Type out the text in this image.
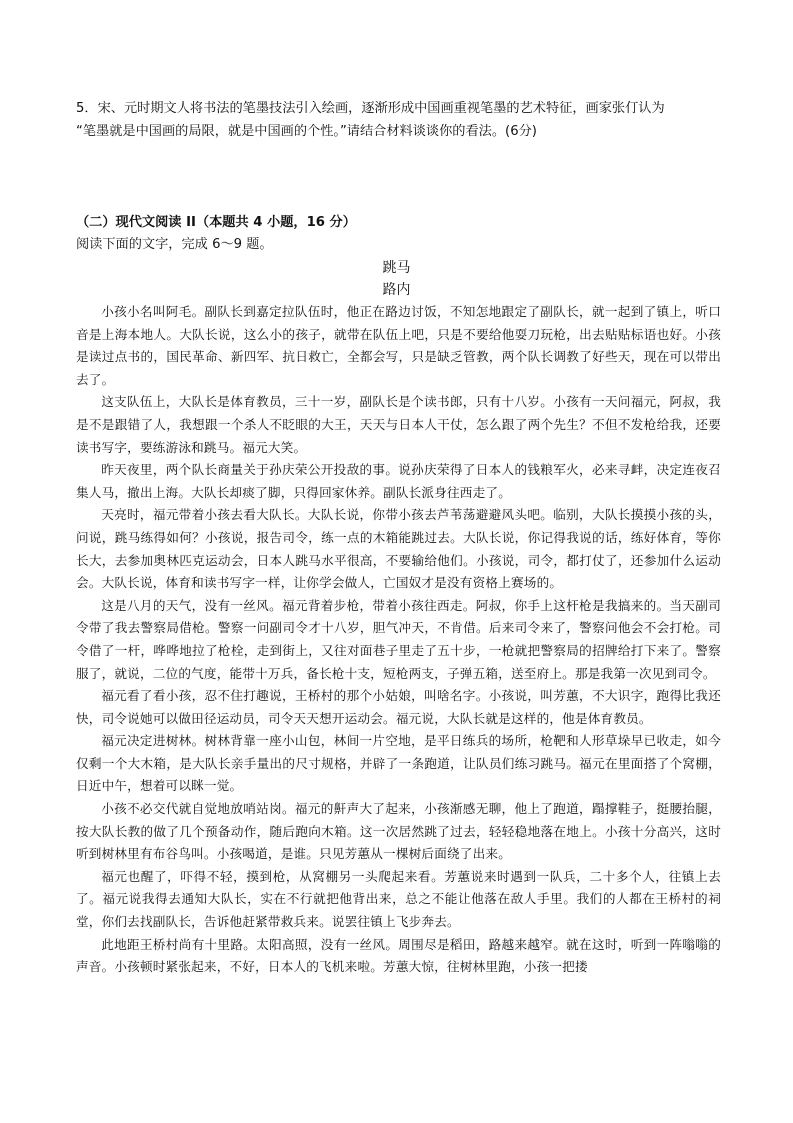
5．宋、元时期文人将书法的笔墨技法引入绘画，逐渐形成中国画重视笔墨的艺术特征，画家张仃认为
“笔墨就是中国画的局限，就是中国画的个性。”请结合材料谈谈你的看法。(6分)
（二）现代文阅读 II（本题共 4 小题，16 分）
阅读下面的文字，完成 6～9 题。
跳马
路内

小孩小名叫阿毛。副队长到嘉定拉队伍时，他正在路边讨饭，不知怎地跟定了副队长，就一起到了镇上，听口音是上海本地人。大队长说，这么小的孩子，就带在队伍上吧，只是不要给他耍刀玩枪，出去贴贴标语也好。小孩是读过点书的，国民革命、新四军、抗日救亡，全都会写，只是缺乏管教，两个队长调教了好些天，现在可以带出去了。

这支队伍上，大队长是体育教员，三十一岁，副队长是个读书郎，只有十八岁。小孩有一天问福元，阿叔，我是不是跟错了人，我想跟一个杀人不眨眼的大王，天天与日本人干仗，怎么跟了两个先生？不但不发枪给我，还要读书写字，要练游泳和跳马。福元大笑。

昨天夜里，两个队长商量关于孙庆荣公开投敌的事。说孙庆荣得了日本人的钱粮军火，必来寻衅，决定连夜召集人马，撤出上海。大队长却痰了脚，只得回家休养。副队长派身往西走了。

天亮时，福元带着小孩去看大队长。大队长说，你带小孩去芦苇荡避避风头吧。临别，大队长摸摸小孩的头，问说，跳马练得如何？小孩说，报告司令，练一点的木箱能跳过去。大队长说，你记得我说的话，练好体育，等你长大，去参加奥林匹克运动会，日本人跳马水平很高，不要输给他们。小孩说，司令，都打仗了，还参加什么运动会。大队长说，体育和读书写字一样，让你学会做人，亡国奴才是没有资格上赛场的。

这是八月的天气，没有一丝风。福元背着步枪，带着小孩往西走。阿叔，你手上这杆枪是我搞来的。当天副司令带了我去警察局借枪。警察一问副司令才十八岁，胆气冲天，不肯借。后来司令来了，警察问他会不会打枪。司令借了一杆，哗哗地拉了枪栓，走到街上，又往对面巷子里走了五十步，一枪就把警察局的招牌给打下来了。警察服了，就说，二位的气度，能带十万兵，备长枪十支，短枪两支，子弹五箱，送至府上。那是我第一次见到司令。

福元看了看小孩，忍不住打趣说，王桥村的那个小姑娘，叫啥名字。小孩说，叫芳蕙，不大识字，跑得比我还快，司令说她可以做田径运动员，司令天天想开运动会。福元说，大队长就是这样的，他是体育教员。

福元决定进树林。树林背靠一座小山包，林间一片空地，是平日练兵的场所，枪靶和人形草垛早已收走，如今仅剩一个大木箱，是大队长亲手量出的尺寸规格，并辟了一条跑道，让队员们练习跳马。福元在里面搭了个窝棚，日近中午，想着可以眯一觉。

小孩不必交代就自觉地放哨站岗。福元的鼾声大了起来，小孩渐感无聊，他上了跑道，蹋撑鞋子，挺腰抬腿，按大队长教的做了几个预备动作，随后跑向木箱。这一次居然跳了过去，轻轻稳地落在地上。小孩十分高兴，这时听到树林里有布谷鸟叫。小孩喝道，是谁。只见芳蕙从一棵树后面绕了出来。

福元也醒了，吓得不轻，摸到枪，从窝棚另一头爬起来看。芳蕙说来时遇到一队兵，二十多个人，往镇上去了。福元说我得去通知大队长，实在不行就把他背出来，总之不能让他落在敌人手里。我们的人都在王桥村的祠堂，你们去找副队长，告诉他赶紧带救兵来。说罢往镇上飞步奔去。

此地距王桥村尚有十里路。太阳高照，没有一丝风。周围尽是稻田，路越来越窄。就在这时，听到一阵嗡嗡的声音。小孩顿时紧张起来，不好，日本人的飞机来啦。芳蕙大惊，往树林里跑，小孩一把搂
